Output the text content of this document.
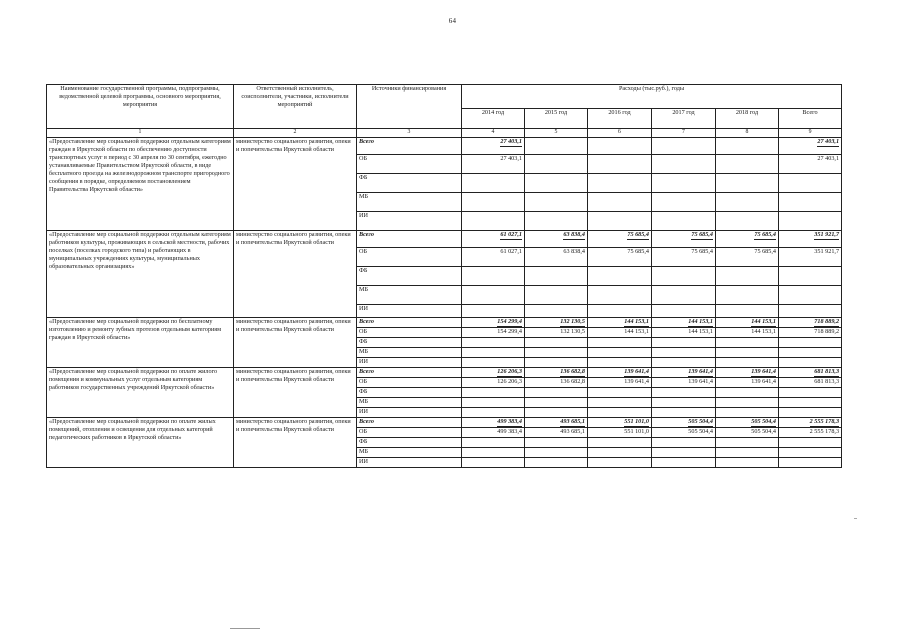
64
Наименование государственной программы, подпрограммы, ведомственной целевой программы, основного мероприятия, мероприятия	Ответственный исполнитель, соисполнители, участники, исполнители мероприятий	Источники финансирования	Расходы (тыс.руб.), годы					
			2014 год	2015 год	2016 год	2017 год	2018 год	Всего
1	2	3	4	5	6	7	8	9
«Предоставление мер социальной поддержки отдельным категориям граждан в Иркутской области по обеспечению доступности транспортных услуг в период с 30 апреля по 30 сентября, ежегодно устанавливаемые Правительством Иркутской области, в виде бесплатного проезда на железнодорожном транспорте пригородного сообщения в порядке, определяемом постановлением Правительства Иркутской области»	министерство социального развития, опеки и попечительства Иркутской области	Всего	27 403,1					27 403,1
		ОБ	27 403,1					27 403,1
		ФБ						
		МБ						
		ИИ						
«Предоставление мер социальной поддержки отдельным категориям работников культуры, проживающих в сельской местности, рабочих поселках (поселках городского типа) и работающих в муниципальных учреждениях культуры, муниципальных образовательных организациях»	министерство социального развития, опеки и попечительства Иркутской области	Всего	61 027,1	63 838,4	75 685,4	75 685,4	75 685,4	351 921,7
		ОБ	61 027,1	63 838,4	75 685,4	75 685,4	75 685,4	351 921,7
		ФБ						
		МБ						
		ИИ						
«Предоставление мер социальной поддержки по бесплатному изготовлению и ремонту зубных протезов отдельным категориям граждан в Иркутской области»	министерство социального развития, опеки и попечительства Иркутской области	Всего	154 299,4	132 130,5	144 153,1	144 153,1	144 153,1	718 889,2
		ОБ	154 299,4	132 130,5	144 153,1	144 153,1	144 153,1	718 889,2
		ФБ						
		МБ						
		ИИ						
«Предоставление мер социальной поддержки по оплате жилого помещения и коммунальных услуг отдельным категориям работников государственных учреждений Иркутской области»	министерство социального развития, опеки и попечительства Иркутской области	Всего	126 206,3	136 682,8	139 641,4	139 641,4	139 641,4	681 813,3
		ОБ	126 206,3	136 682,8	139 641,4	139 641,4	139 641,4	681 813,3
		ФБ						
		МБ						
		ИИ						
«Предоставление мер социальной поддержки по оплате жилых помещений, отопления и освещения для отдельных категорий педагогических работников в Иркутской области»	министерство социального развития, опеки и попечительства Иркутской области	Всего	499 383,4	493 685,1	551 101,0	505 504,4	505 504,4	2 555 178,3
		ОБ	499 383,4	493 685,1	551 101,0	505 504,4	505 504,4	2 555 178,3
		ФБ						
		МБ						
		ИИ						
